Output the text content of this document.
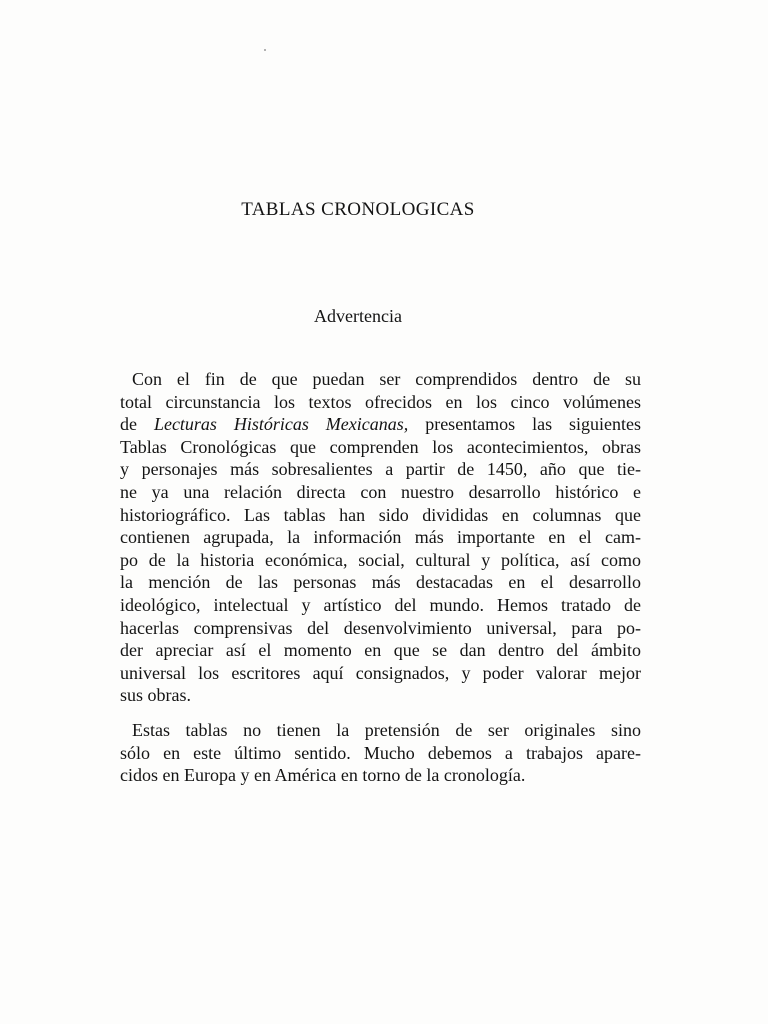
TABLAS CRONOLOGICAS
Advertencia
Con el fin de que puedan ser comprendidos dentro de su
total circunstancia los textos ofrecidos en los cinco volúmenes
de Lecturas Históricas Mexicanas, presentamos las siguientes
Tablas Cronológicas que comprenden los acontecimientos, obras
y personajes más sobresalientes a partir de 1450, año que tie-
ne ya una relación directa con nuestro desarrollo histórico e
historiográfico. Las tablas han sido divididas en columnas que
contienen agrupada, la información más importante en el cam-
po de la historia económica, social, cultural y política, así como
la mención de las personas más destacadas en el desarrollo
ideológico, intelectual y artístico del mundo. Hemos tratado de
hacerlas comprensivas del desenvolvimiento universal, para po-
der apreciar así el momento en que se dan dentro del ámbito
universal los escritores aquí consignados, y poder valorar mejor
sus obras.
Estas tablas no tienen la pretensión de ser originales sino
sólo en este último sentido. Mucho debemos a trabajos apare-
cidos en Europa y en América en torno de la cronología.
